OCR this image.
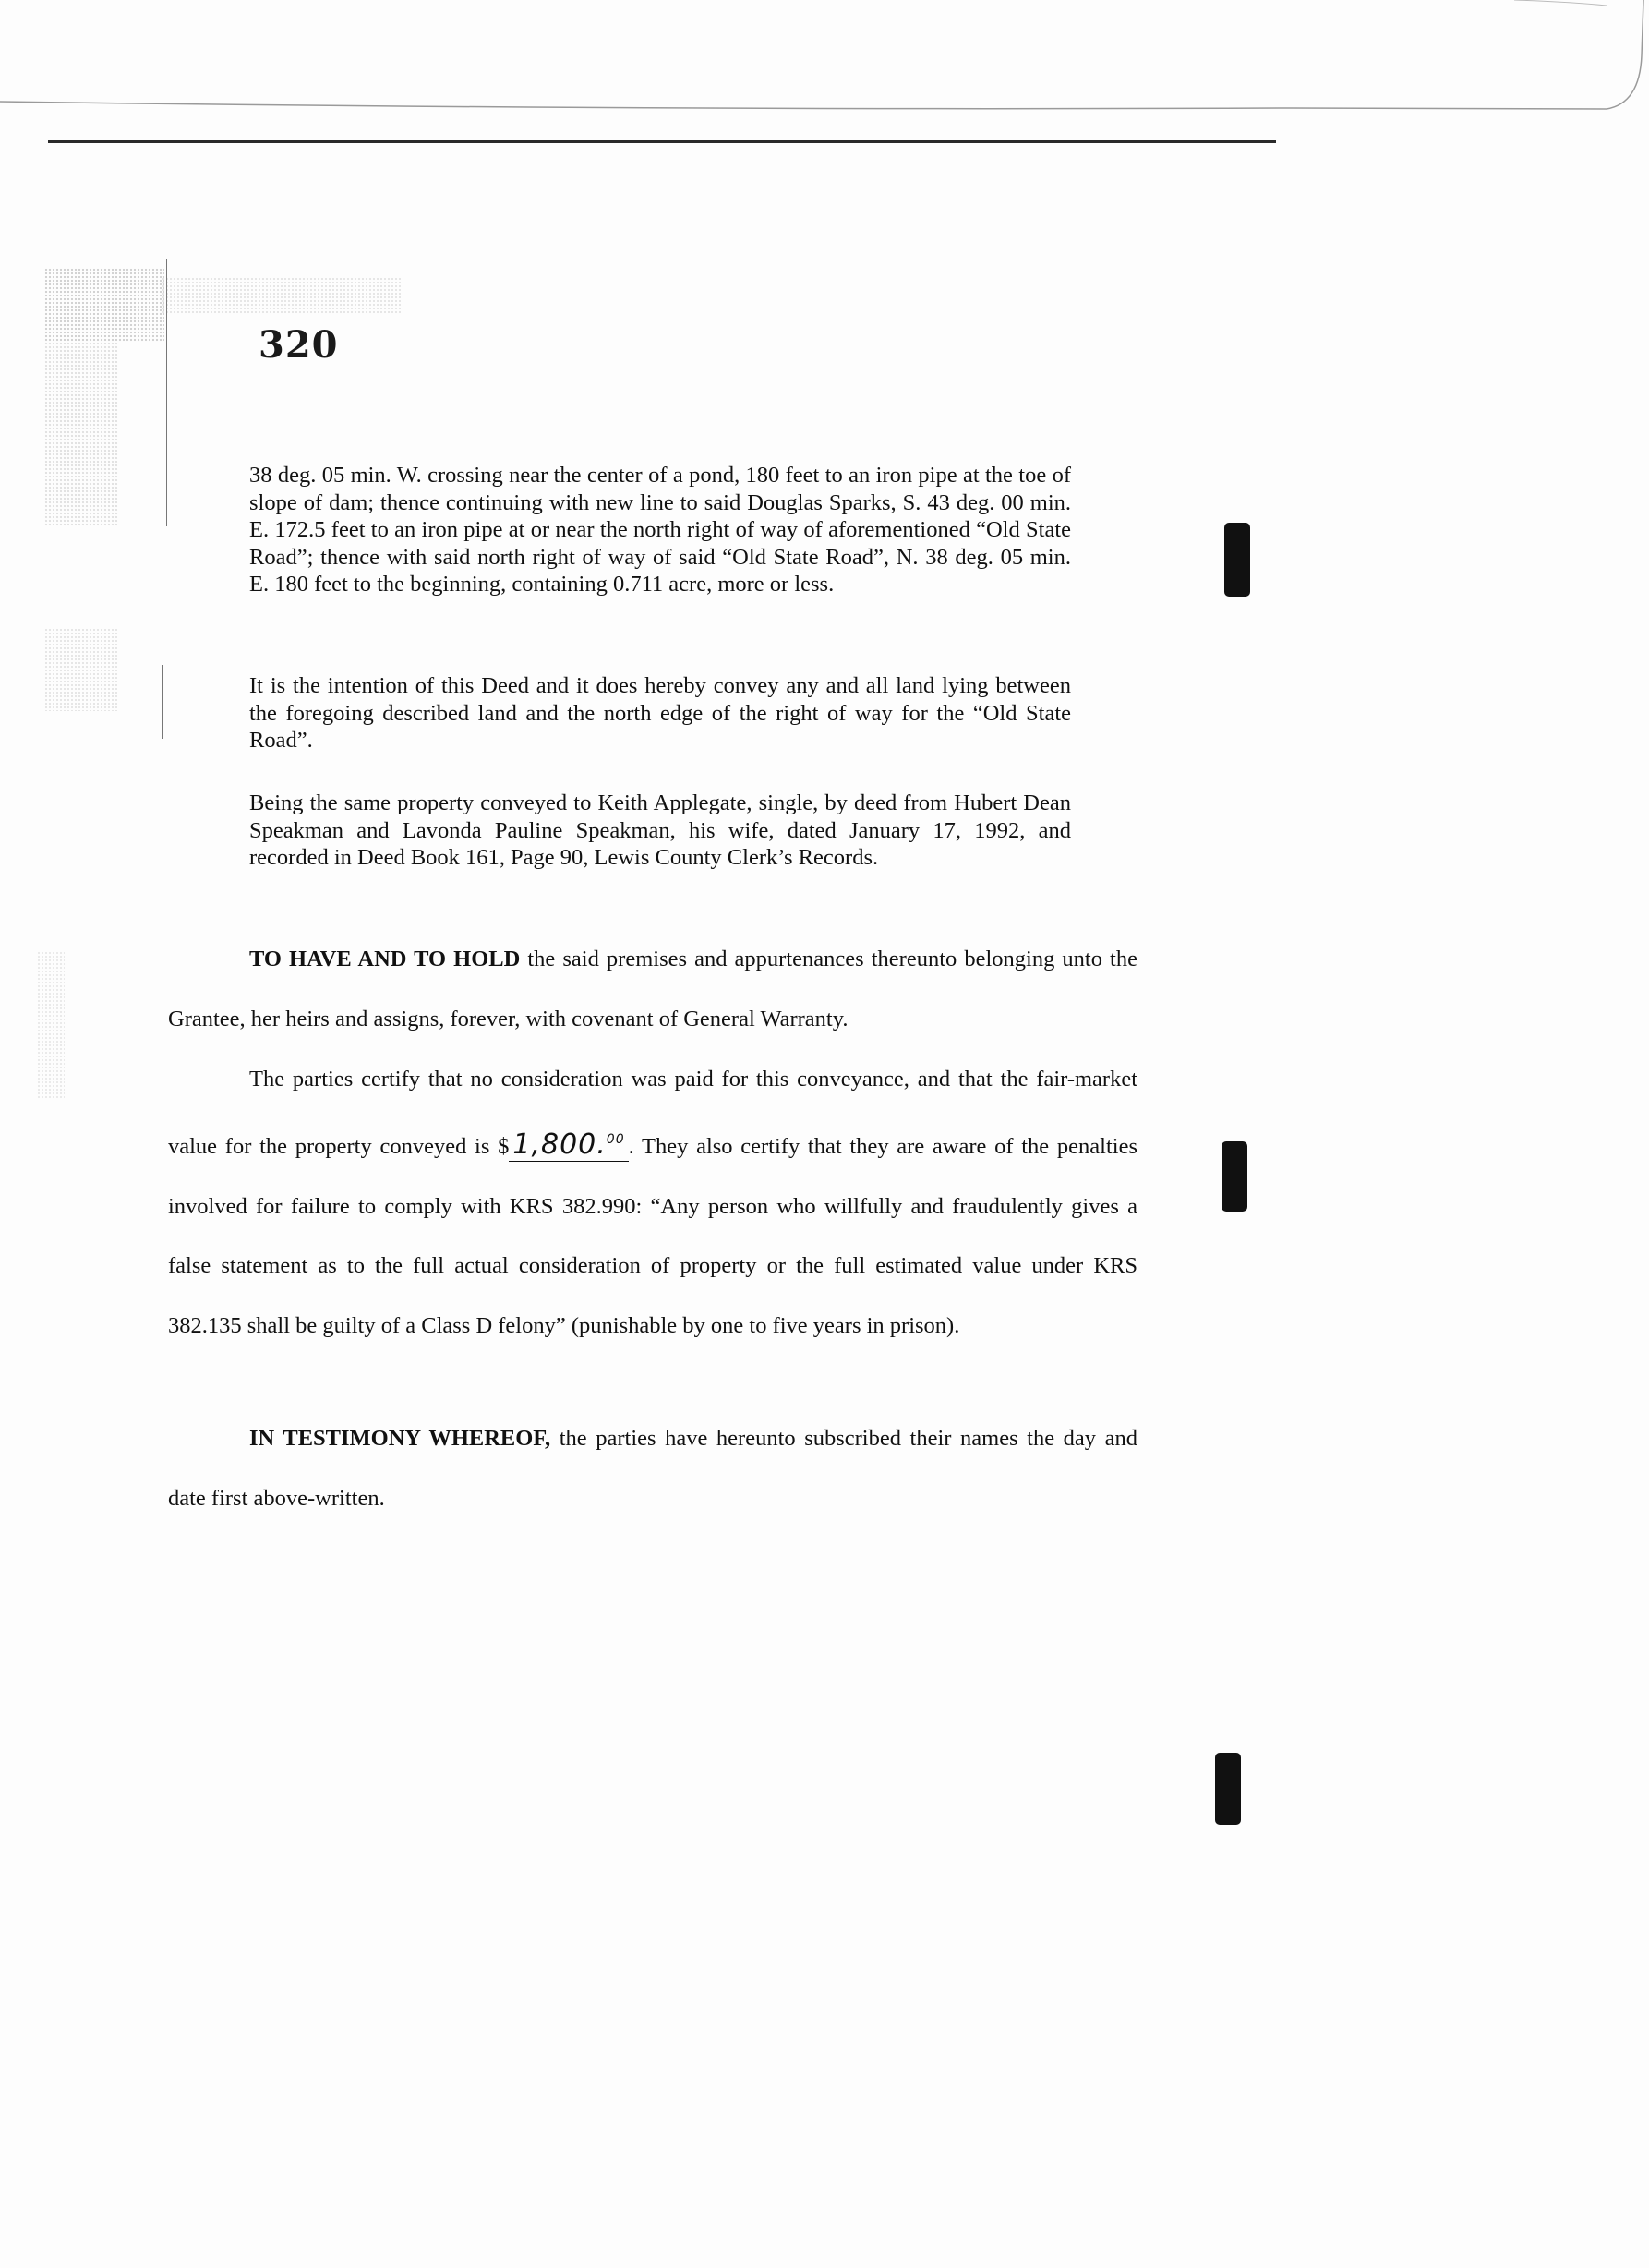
320
38 deg. 05 min. W. crossing near the center of a pond, 180 feet to an iron pipe at the toe of slope of dam; thence continuing with new line to said Douglas Sparks, S. 43 deg. 00 min. E. 172.5 feet to an iron pipe at or near the north right of way of aforementioned “Old State Road”; thence with said north right of way of said “Old State Road”, N. 38 deg. 05 min. E. 180 feet to the beginning, containing 0.711 acre, more or less.
It is the intention of this Deed and it does hereby convey any and all land lying between the foregoing described land and the north edge of the right of way for the “Old State Road”.
Being the same property conveyed to Keith Applegate, single, by deed from Hubert Dean Speakman and Lavonda Pauline Speakman, his wife, dated January 17, 1992, and recorded in Deed Book 161, Page 90, Lewis County Clerk’s Records.
TO HAVE AND TO HOLD the said premises and appurtenances thereunto belonging unto the Grantee, her heirs and assigns, forever, with covenant of General Warranty.
The parties certify that no consideration was paid for this conveyance, and that the fair-market value for the property conveyed is $ 1,800.00 . They also certify that they are aware of the penalties involved for failure to comply with KRS 382.990: “Any person who willfully and fraudulently gives a false statement as to the full actual consideration of property or the full estimated value under KRS 382.135 shall be guilty of a Class D felony” (punishable by one to five years in prison).
IN TESTIMONY WHEREOF, the parties have hereunto subscribed their names the day and date first above-written.
